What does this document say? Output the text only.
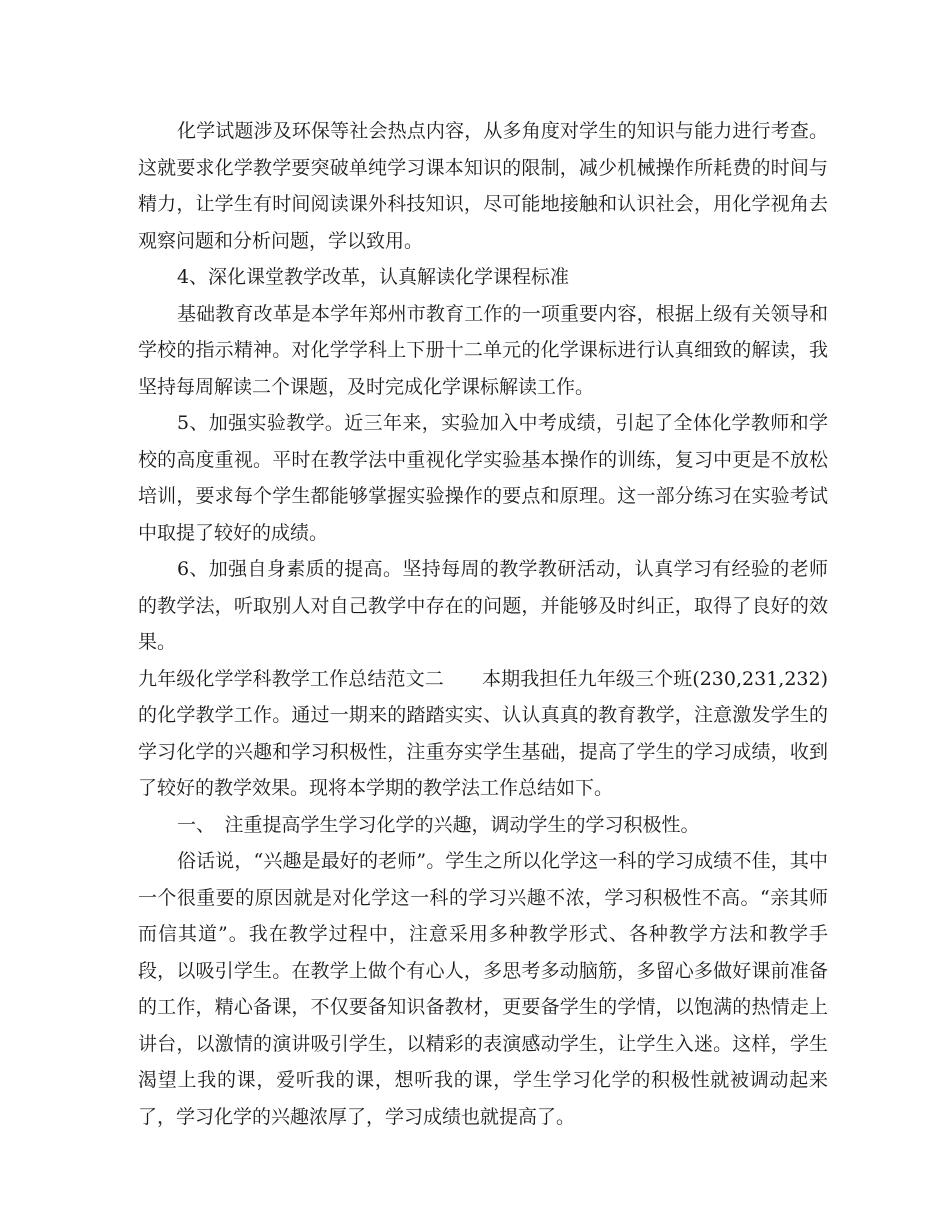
化学试题涉及环保等社会热点内容，从多角度对学生的知识与能力进行考查。这就要求化学教学要突破单纯学习课本知识的限制，减少机械操作所耗费的时间与精力，让学生有时间阅读课外科技知识，尽可能地接触和认识社会，用化学视角去观察问题和分析问题，学以致用。

4、深化课堂教学改革，认真解读化学课程标准

基础教育改革是本学年郑州市教育工作的一项重要内容，根据上级有关领导和学校的指示精神。对化学学科上下册十二单元的化学课标进行认真细致的解读，我坚持每周解读二个课题，及时完成化学课标解读工作。

5、加强实验教学。近三年来，实验加入中考成绩，引起了全体化学教师和学校的高度重视。平时在教学法中重视化学实验基本操作的训练，复习中更是不放松培训，要求每个学生都能够掌握实验操作的要点和原理。这一部分练习在实验考试中取提了较好的成绩。

6、加强自身素质的提高。坚持每周的教学教研活动，认真学习有经验的老师的教学法，听取别人对自己教学中存在的问题，并能够及时纠正，取得了良好的效果。

九年级化学学科教学工作总结范文二　　本期我担任九年级三个班(230,231,232)的化学教学工作。通过一期来的踏踏实实、认认真真的教育教学，注意激发学生的学习化学的兴趣和学习积极性，注重夯实学生基础，提高了学生的学习成绩，收到了较好的教学效果。现将本学期的教学法工作总结如下。

一、　注重提高学生学习化学的兴趣，调动学生的学习积极性。

俗话说，“兴趣是最好的老师”。学生之所以化学这一科的学习成绩不佳，其中一个很重要的原因就是对化学这一科的学习兴趣不浓，学习积极性不高。“亲其师而信其道”。我在教学过程中，注意采用多种教学形式、各种教学方法和教学手段，以吸引学生。在教学上做个有心人，多思考多动脑筋，多留心多做好课前准备的工作，精心备课，不仅要备知识备教材，更要备学生的学情，以饱满的热情走上讲台，以激情的演讲吸引学生，以精彩的表演感动学生，让学生入迷。这样，学生渴望上我的课，爱听我的课，想听我的课，学生学习化学的积极性就被调动起来了，学习化学的兴趣浓厚了，学习成绩也就提高了。
